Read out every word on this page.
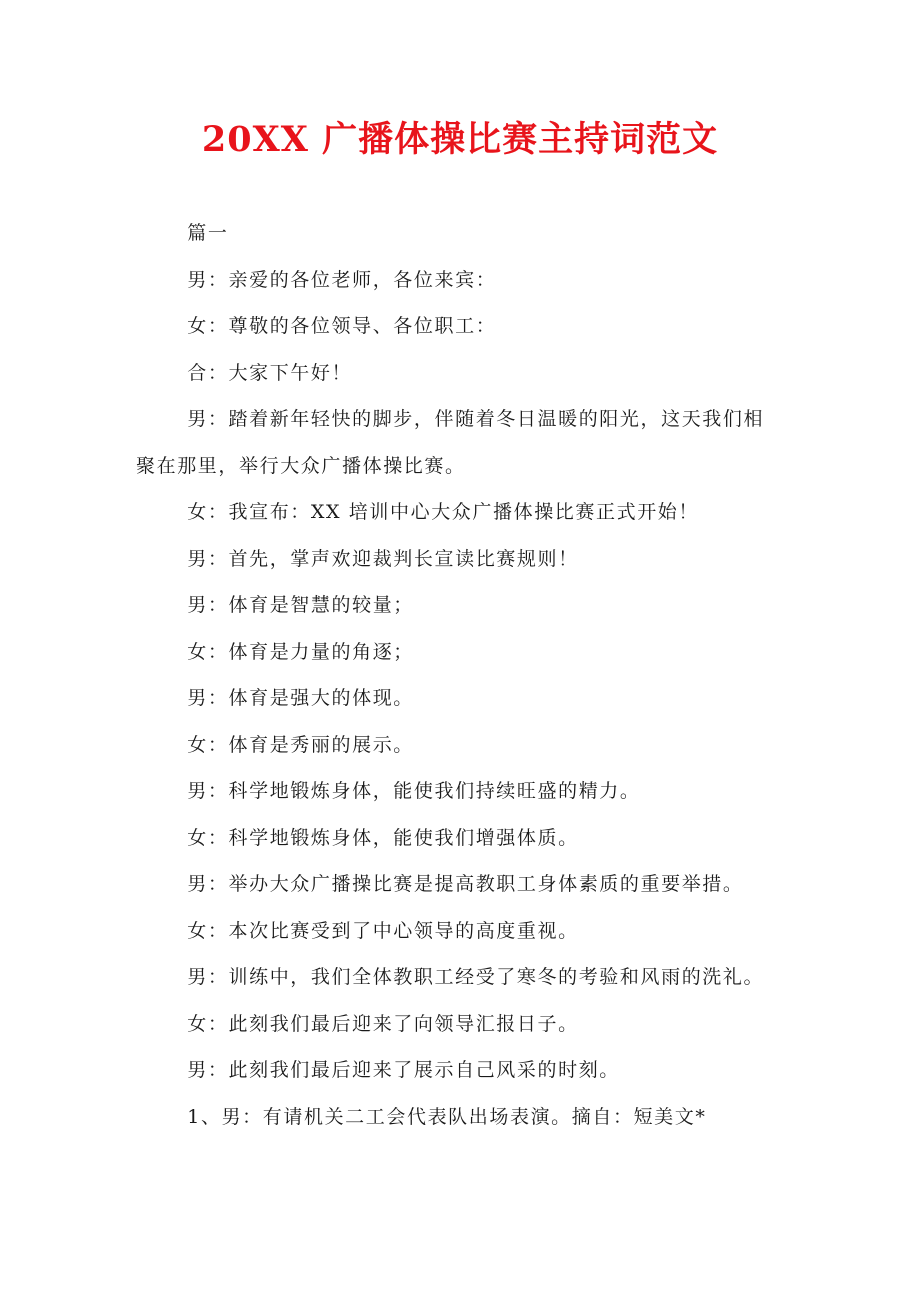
20XX 广播体操比赛主持词范文

篇一

男：亲爱的各位老师，各位来宾：

女：尊敬的各位领导、各位职工：

合：大家下午好！

男：踏着新年轻快的脚步，伴随着冬日温暖的阳光，这天我们相聚在那里，举行大众广播体操比赛。

女：我宣布：XX 培训中心大众广播体操比赛正式开始！

男：首先，掌声欢迎裁判长宣读比赛规则！

男：体育是智慧的较量；

女：体育是力量的角逐；

男：体育是强大的体现。

女：体育是秀丽的展示。

男：科学地锻炼身体，能使我们持续旺盛的精力。

女：科学地锻炼身体，能使我们增强体质。

男：举办大众广播操比赛是提高教职工身体素质的重要举措。

女：本次比赛受到了中心领导的高度重视。

男：训练中，我们全体教职工经受了寒冬的考验和风雨的洗礼。

女：此刻我们最后迎来了向领导汇报日子。

男：此刻我们最后迎来了展示自己风采的时刻。

1、男：有请机关二工会代表队出场表演。摘自：短美文*
